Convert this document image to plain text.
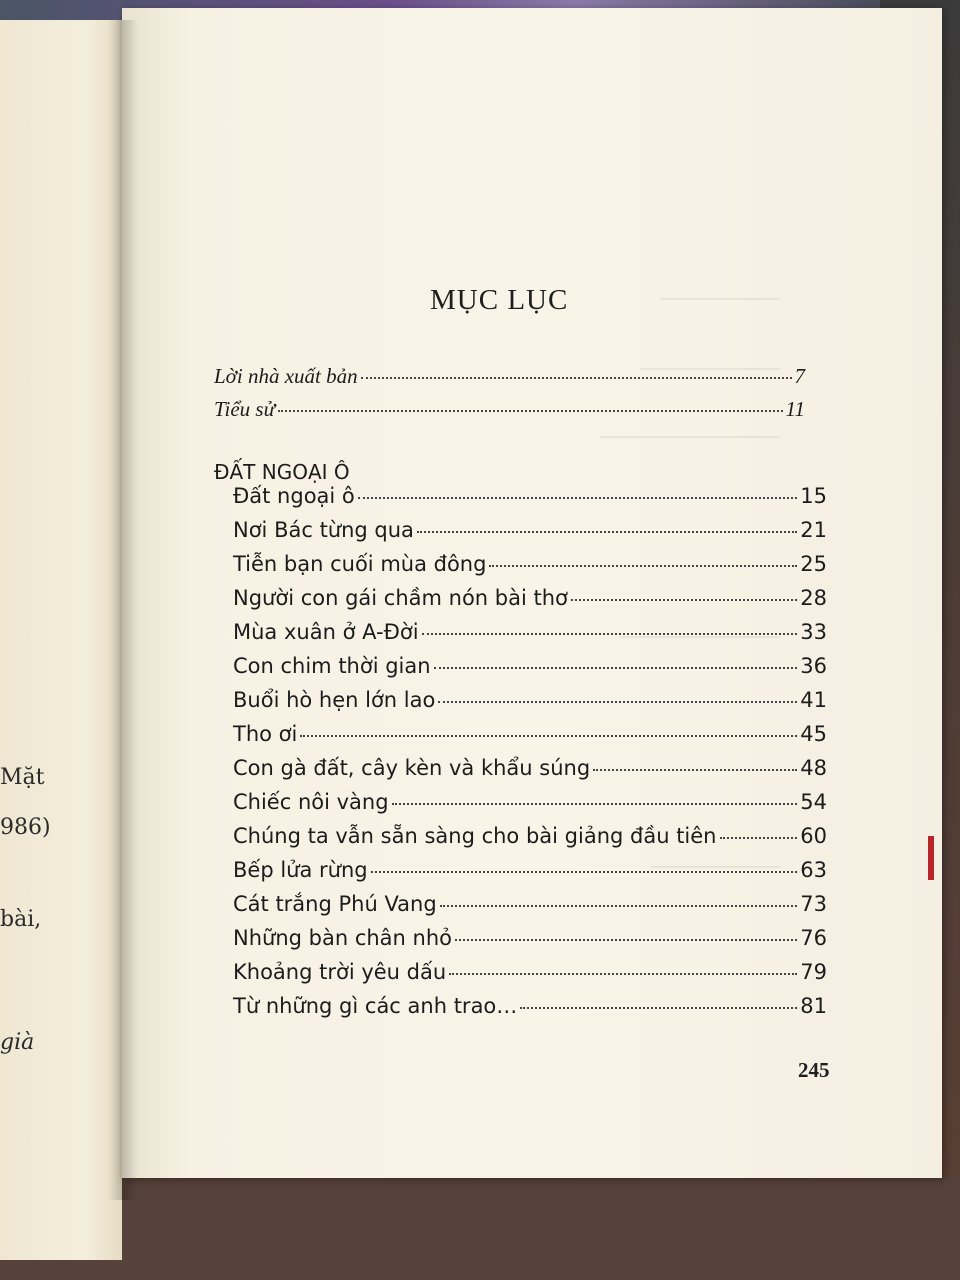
Mặt
986)
bài,
già
MỤC LỤC
Lời nhà xuất bản	7
Tiểu sử	11
ĐẤT NGOẠI Ô
Đất ngoại ô	15
Nơi Bác từng qua	21
Tiễn bạn cuối mùa đông	25
Người con gái chầm nón bài thơ	28
Mùa xuân ở A-Đời	33
Con chim thời gian	36
Buổi hò hẹn lớn lao	41
Tho ơi	45
Con gà đất, cây kèn và khẩu súng	48
Chiếc nôi vàng	54
Chúng ta vẫn sẵn sàng cho bài giảng đầu tiên	60
Bếp lửa rừng	63
Cát trắng Phú Vang	73
Những bàn chân nhỏ	76
Khoảng trời yêu dấu	79
Từ những gì các anh trao…	81
245
